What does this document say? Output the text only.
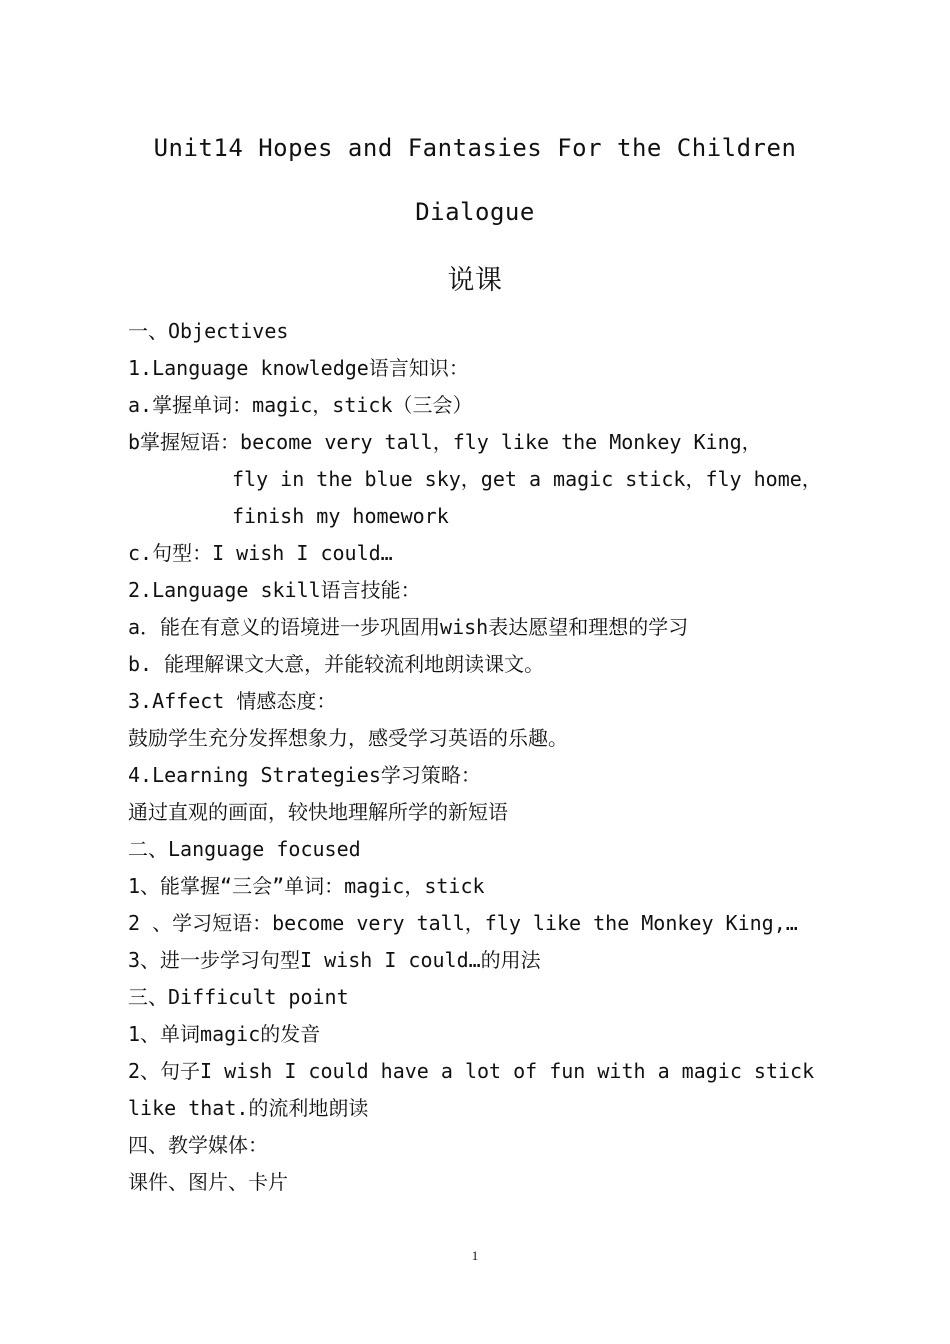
Unit14 Hopes and Fantasies For the Children
Dialogue
说课
一、Objectives
1.Language knowledge语言知识：
a.掌握单词：magic，stick（三会）
b掌握短语：become very tall，fly like the Monkey King，
fly in the blue sky，get a magic stick，fly home，
finish my homework
c.句型：I wish I could…
2.Language skill语言技能：
a．能在有意义的语境进一步巩固用wish表达愿望和理想的学习
b. 能理解课文大意，并能较流利地朗读课文。
3.Affect 情感态度：
鼓励学生充分发挥想象力，感受学习英语的乐趣。
4.Learning Strategies学习策略：
通过直观的画面，较快地理解所学的新短语
二、Language focused
1、能掌握“三会”单词：magic，stick
2 、学习短语：become very tall，fly like the Monkey King,…
3、进一步学习句型I wish I could…的用法
三、Difficult point
1、单词magic的发音
2、句子I wish I could have a lot of fun with a magic stick
like that.的流利地朗读
四、教学媒体：
课件、图片、卡片
1
